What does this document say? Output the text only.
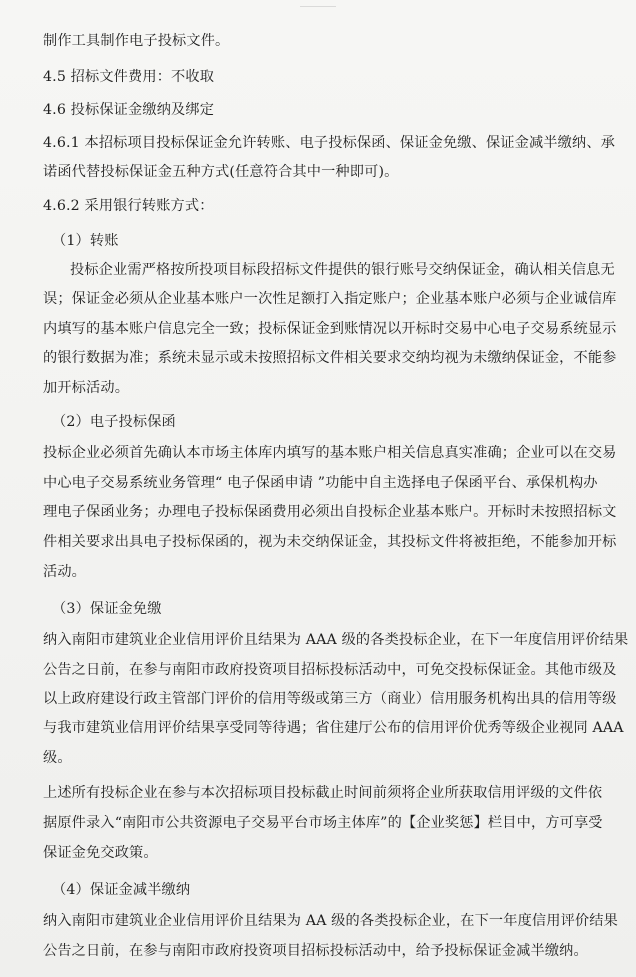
制作工具制作电子投标文件。
4.5 招标文件费用：不收取
4.6 投标保证金缴纳及绑定
4.6.1 本招标项目投标保证金允许转账、电子投标保函、保证金免缴、保证金减半缴纳、承
诺函代替投标保证金五种方式(任意符合其中一种即可)。
4.6.2 采用银行转账方式：
（1）转账
投标企业需严格按所投项目标段招标文件提供的银行账号交纳保证金，确认相关信息无
误；保证金必须从企业基本账户一次性足额打入指定账户；企业基本账户必须与企业诚信库
内填写的基本账户信息完全一致；投标保证金到账情况以开标时交易中心电子交易系统显示
的银行数据为准；系统未显示或未按照招标文件相关要求交纳均视为未缴纳保证金，不能参
加开标活动。
（2）电子投标保函
投标企业必须首先确认本市场主体库内填写的基本账户相关信息真实准确；企业可以在交易
中心电子交易系统业务管理“ 电子保函申请 ”功能中自主选择电子保函平台、承保机构办
理电子保函业务；办理电子投标保函费用必须出自投标企业基本账户。开标时未按照招标文
件相关要求出具电子投标保函的，视为未交纳保证金，其投标文件将被拒绝，不能参加开标
活动。
（3）保证金免缴
纳入南阳市建筑业企业信用评价且结果为 AAA 级的各类投标企业，在下一年度信用评价结果
公告之日前，在参与南阳市政府投资项目招标投标活动中，可免交投标保证金。其他市级及
以上政府建设行政主管部门评价的信用等级或第三方（商业）信用服务机构出具的信用等级
与我市建筑业信用评价结果享受同等待遇；省住建厅公布的信用评价优秀等级企业视同 AAA
级。
上述所有投标企业在参与本次招标项目投标截止时间前须将企业所获取信用评级的文件依
据原件录入“南阳市公共资源电子交易平台市场主体库”的【企业奖惩】栏目中，方可享受
保证金免交政策。
（4）保证金减半缴纳
纳入南阳市建筑业企业信用评价且结果为 AA 级的各类投标企业，在下一年度信用评价结果
公告之日前，在参与南阳市政府投资项目招标投标活动中，给予投标保证金减半缴纳。
